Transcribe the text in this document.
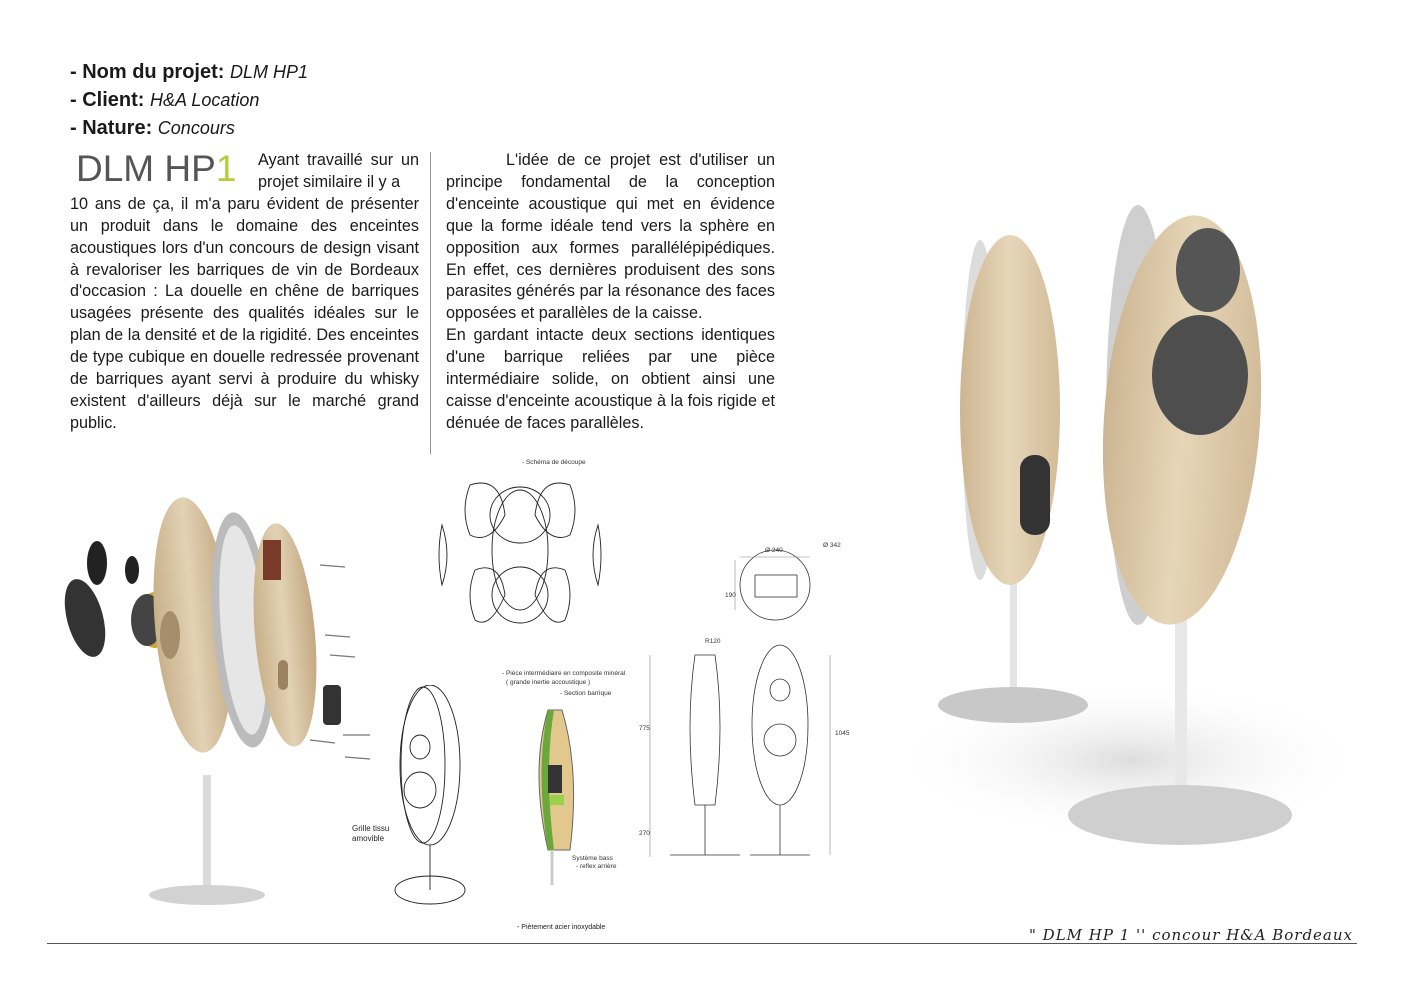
- Nom du projet: DLM HP1
- Client: H&A Location
- Nature: Concours
DLM HP1 Ayant travaillé sur un projet similaire il y a
10 ans de ça, il m'a paru évident de présenter un produit dans le domaine des enceintes acoustiques lors d'un concours de design visant à revaloriser les barriques de vin de Bordeaux d'occasion : La douelle en chêne de barriques usagées présente des qualités idéales sur le plan de la densité et de la rigidité. Des enceintes de type cubique en douelle redressée provenant de barriques ayant servi à produire du whisky existent d'ailleurs déjà sur le marché grand public.
L'idée de ce projet est d'utiliser un principe fondamental de la conception d'enceinte acoustique qui met en évidence que la forme idéale tend vers la sphère en opposition aux formes parallélépipédiques. En effet, ces dernières produisent des sons parasites générés par la résonance des faces opposées et parallèles de la caisse.
En gardant intacte deux sections identiques d'une barrique reliées par une pièce intermédiaire solide, on obtient ainsi une caisse d'enceinte acoustique à la fois rigide et dénuée de faces parallèles.
- Schéma de découpe
Grille tissu amovible
- Pièce intermédiaire en composite minéral
( grande inertie accoustique )
- Section barrique
Système bass
- reflex arrière
- Piètement acier inoxydable
Ø 240
Ø 342
190
R120
775
1045
270
" DLM HP 1 '' concour H&A Bordeaux
